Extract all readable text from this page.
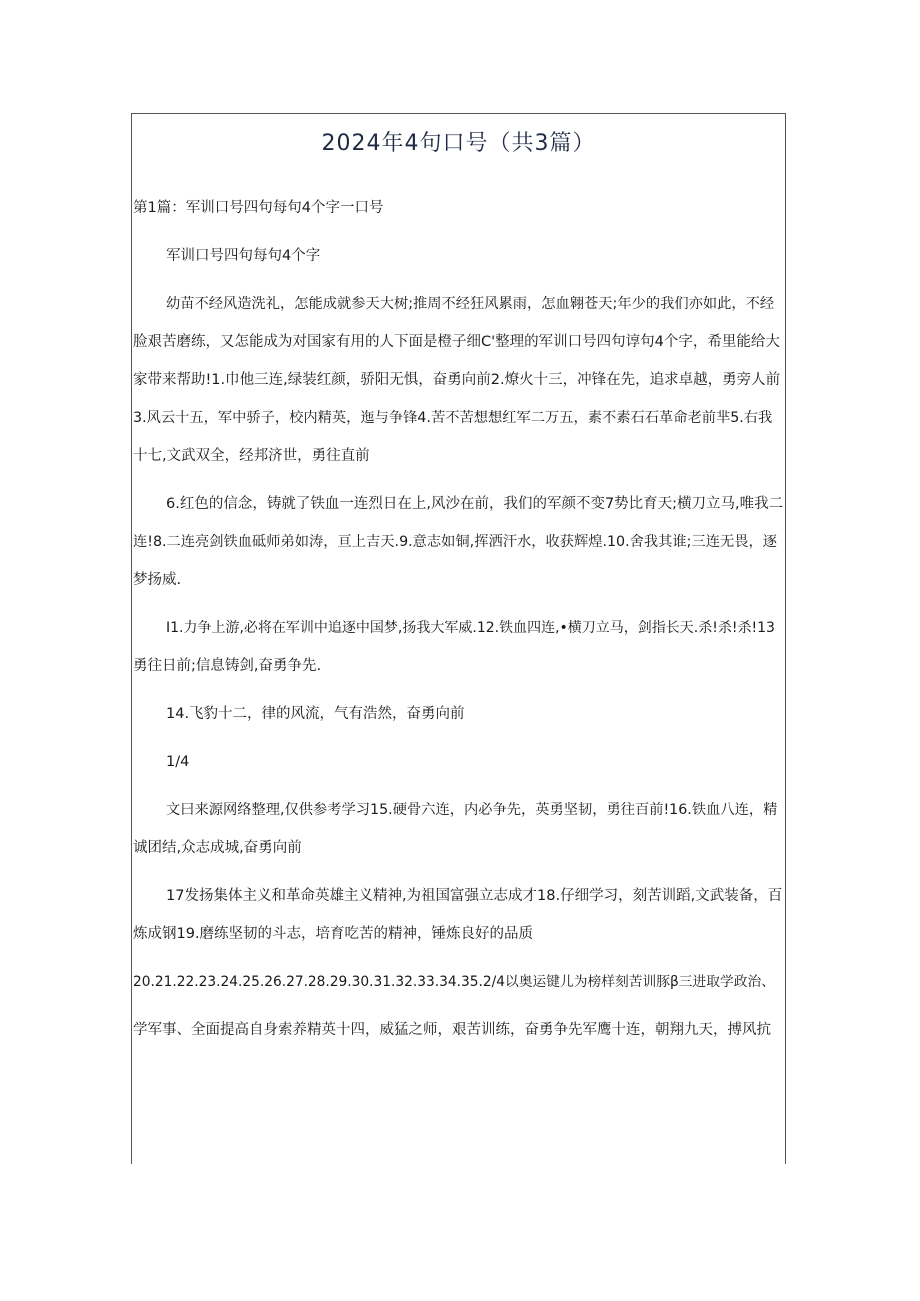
2024年4句口号（共3篇）
第1篇：军训口号四句每句4个字一口号
军训口号四句每句4个字
幼苗不经风造洗礼，怎能成就参天大树;推周不经狂风累雨，怎血翱苍天;年少的我们亦如此，不经
脸艰苦磨练，又怎能成为对国家有用的人下面是橙子细C'整理的军训口号四句谆句4个字，希里能给大
家带来帮助!1.巾他三连,绿装红颜，骄阳无惧，奋勇向前2.燎火十三，冲锋在先，追求卓越，勇旁人前
3.风云十五，军中骄子，校内精英，迤与争锋4.苦不苦想想红军二万五，素不素石石革命老前芈5.右我
十七,文武双全，经邦济世，勇往直前
6.红色的信念，铸就了铁血一连烈日在上,风沙在前，我们的军颜不变7势比育天;横刀立马,唯我二
连!8.二连亮剑铁血砥师弟如涛，亘上吉天.9.意志如铜,挥洒汗水，收获辉煌.10.舍我其谁;三连无畏，逐
梦扬威.
I1.力争上游,必将在军训中追逐中国梦,扬我大军威.12.铁血四连,•横刀立马，剑指长天.杀!杀!杀!13
勇往日前;信息铸剑,奋勇争先.
14.飞豹十二，律的风流，气有浩然，奋勇向前
1/4
文曰来源网络整理,仅供参考学习15.硬骨六连，内必争先，英勇坚韧，勇往百前!16.铁血八连，精
诚团结,众志成城,奋勇向前
17发扬集体主义和革命英雄主义精神,为祖国富强立志成才18.仔细学习，刻苦训蹈,文武装备，百
炼成钢19.磨练坚韧的斗志，培育吃苦的精神，锤炼良好的品质
20.21.22.23.24.25.26.27.28.29.30.31.32.33.34.35.2/4以奥运键儿为榜样刻苦训豚β三进取学政治、
学军事、全面提高自身索养精英十四，威猛之师，艰苦训练，奋勇争先军鹰十连，朝翔九天，搏风抗
